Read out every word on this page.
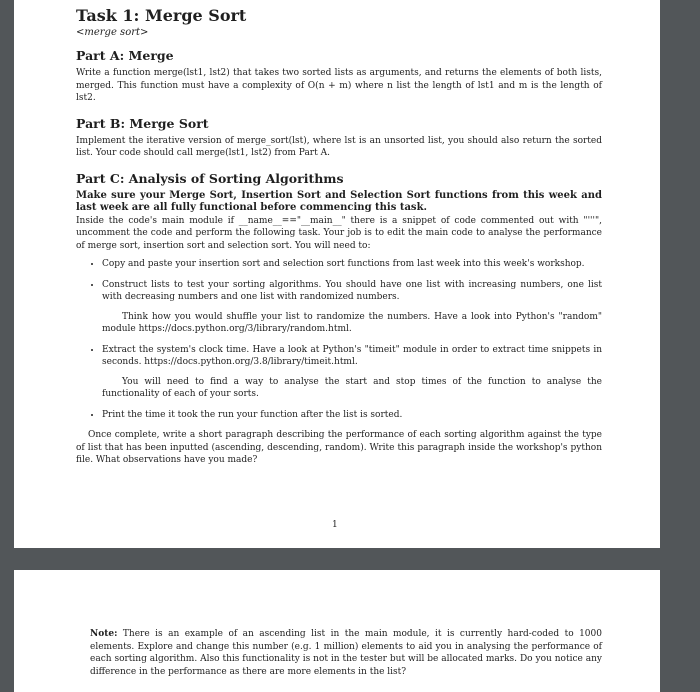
Task 1: Merge Sort
<merge sort>
Part A: Merge

Write a function merge(lst1, lst2) that takes two sorted lists as arguments, and returns the elements of both lists, merged. This function must have a complexity of O(n + m) where n list the length of lst1 and m is the length of lst2.

Part B: Merge Sort

Implement the iterative version of merge_sort(lst), where lst is an unsorted list, you should also return the sorted list. Your code should call merge(lst1, lst2) from Part A.

Part C: Analysis of Sorting Algorithms

Make sure your Merge Sort, Insertion Sort and Selection Sort functions from this week and last week are all fully functional before commencing this task.

Inside the code's main module if __name__=="__main__" there is a snippet of code commented out with "'''", uncomment the code and perform the following task. Your job is to edit the main code to analyse the performance of merge sort, insertion sort and selection sort. You will need to:

• Copy and paste your insertion sort and selection sort functions from last week into this week's workshop.

• Construct lists to test your sorting algorithms. You should have one list with increasing numbers, one list with decreasing numbers and one list with randomized numbers.

Think how you would shuffle your list to randomize the numbers. Have a look into Python's "random" module https://docs.python.org/3/library/random.html.

• Extract the system's clock time. Have a look at Python's "timeit" module in order to extract time snippets in seconds. https://docs.python.org/3.8/library/timeit.html.

You will need to find a way to analyse the start and stop times of the function to analyse the functionality of each of your sorts.

• Print the time it took the run your function after the list is sorted.

Once complete, write a short paragraph describing the performance of each sorting algorithm against the type of list that has been inputted (ascending, descending, random). Write this paragraph inside the workshop's python file. What observations have you made?

1

Note: There is an example of an ascending list in the main module, it is currently hard-coded to 1000 elements. Explore and change this number (e.g. 1 million) elements to aid you in analysing the performance of each sorting algorithm. Also this functionality is not in the tester but will be allocated marks. Do you notice any difference in the performance as there are more elements in the list?
